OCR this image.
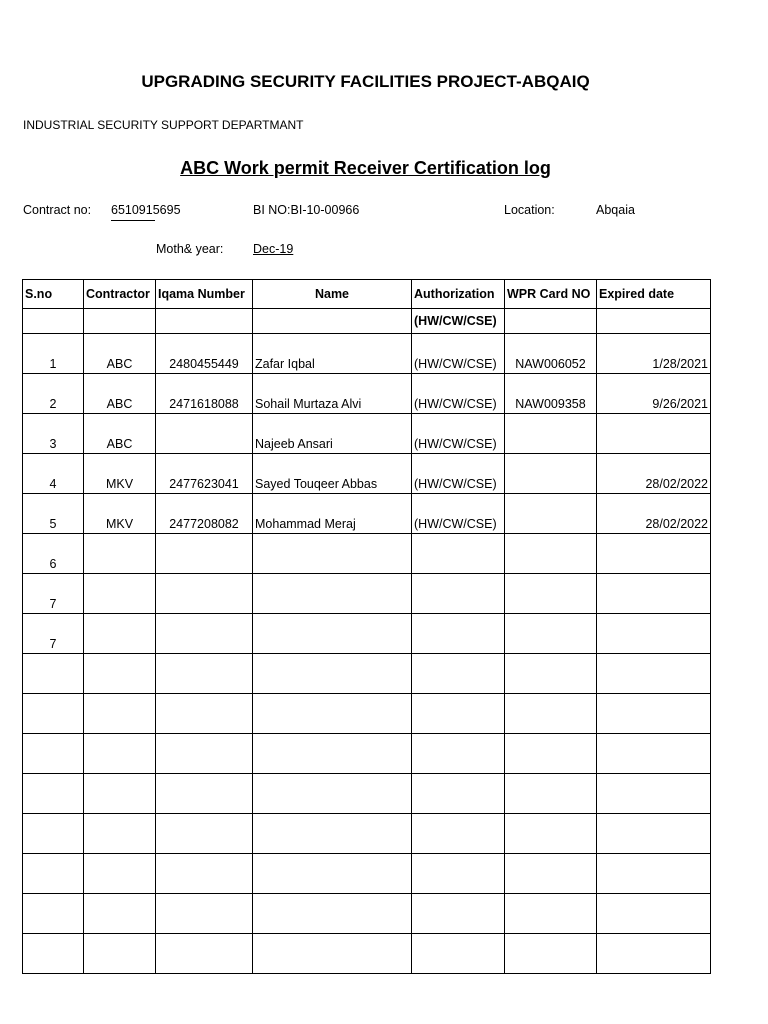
UPGRADING SECURITY FACILITIES PROJECT-ABQAIQ
INDUSTRIAL SECURITY SUPPORT DEPARTMANT
ABC Work permit Receiver Certification log
Contract no: 6510915695	BI NO:BI-10-00966	Location:	Abqaia
Moth& year: Dec-19
S.no	Contractor	Iqama Number	Name	Authorization	WPR Card NO	Expired date
				(HW/CW/CSE)		
1	ABC	2480455449	Zafar Iqbal	(HW/CW/CSE)	NAW006052	1/28/2021
2	ABC	2471618088	Sohail Murtaza Alvi	(HW/CW/CSE)	NAW009358	9/26/2021
3	ABC		Najeeb Ansari	(HW/CW/CSE)		
4	MKV	2477623041	Sayed Touqeer Abbas	(HW/CW/CSE)		28/02/2022
5	MKV	2477208082	Mohammad Meraj	(HW/CW/CSE)		28/02/2022
6						
7						
7						
